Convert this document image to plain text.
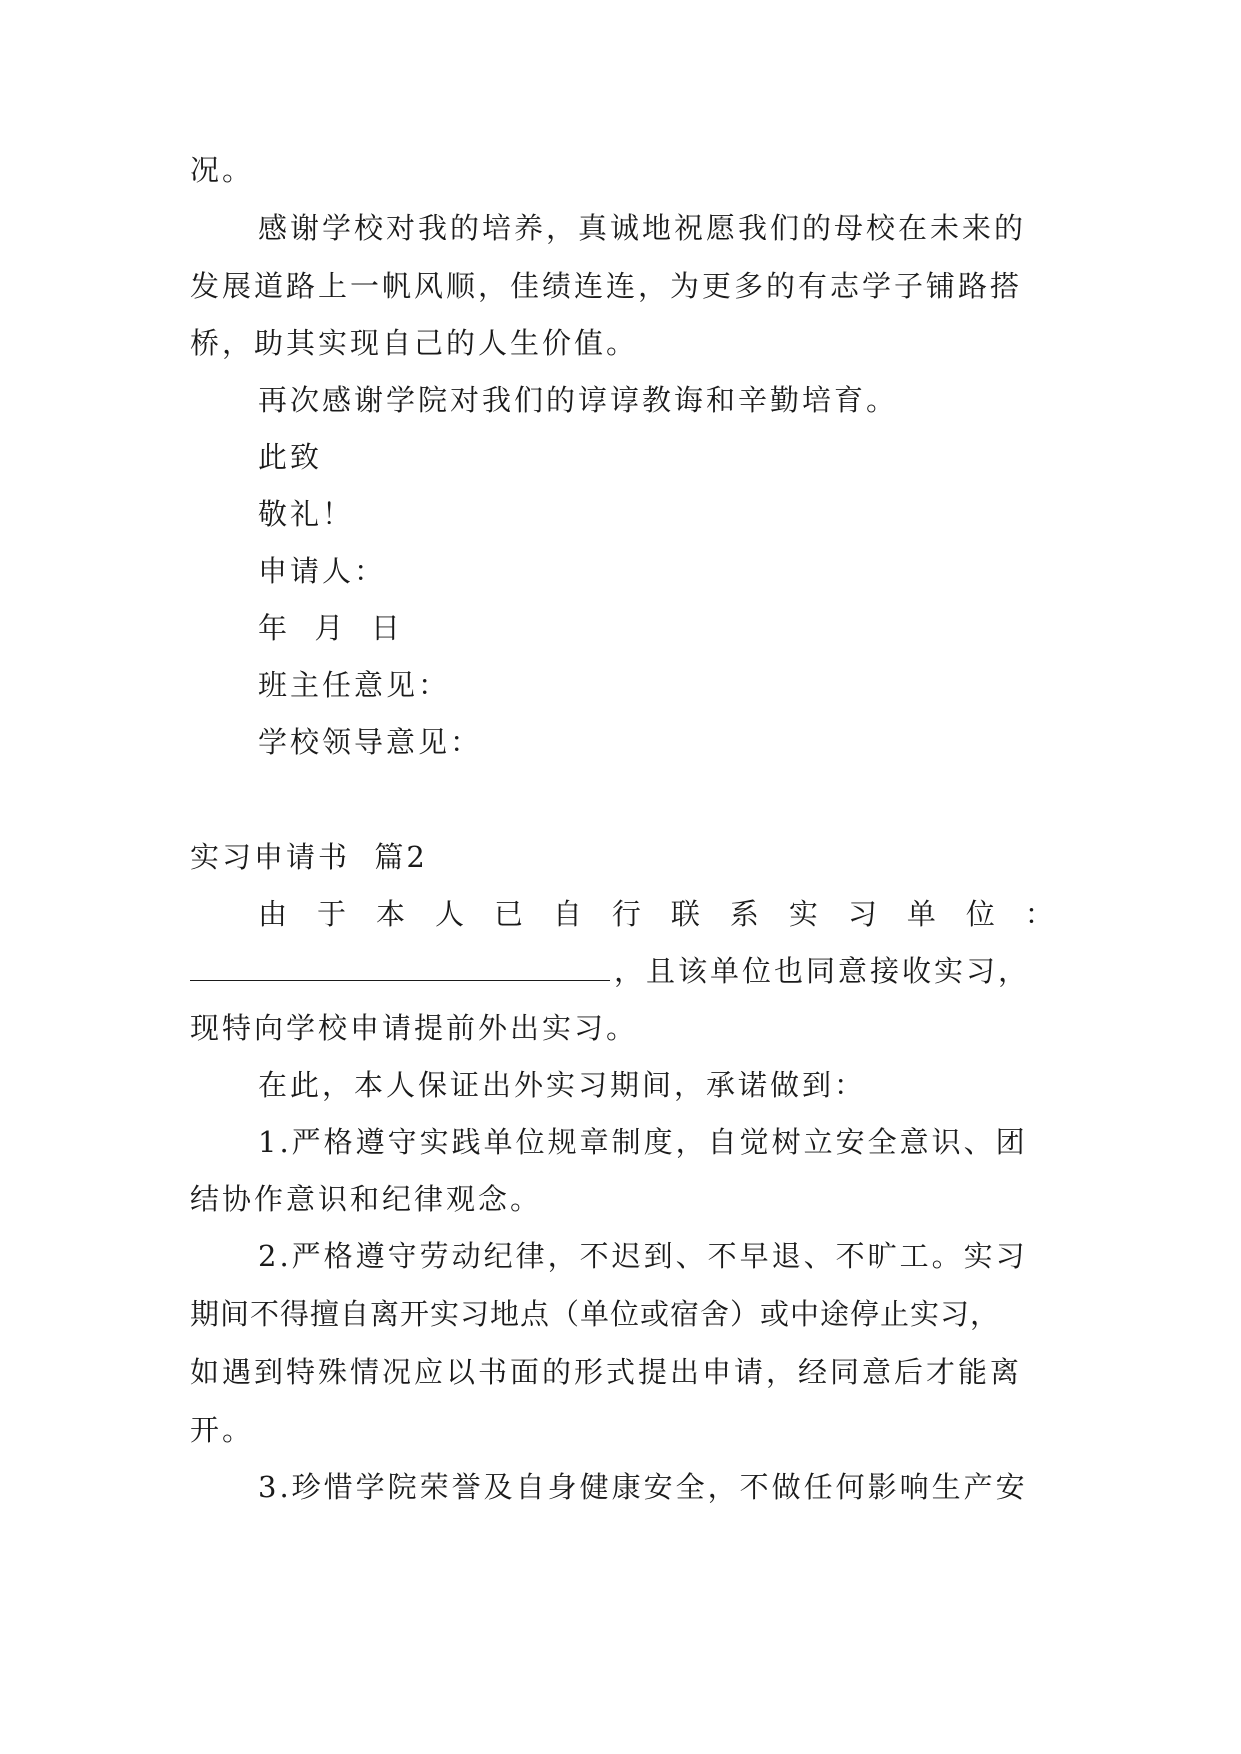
况。
感谢学校对我的培养，真诚地祝愿我们的母校在未来的
发展道路上一帆风顺，佳绩连连，为更多的有志学子铺路搭
桥，助其实现自己的人生价值。
再次感谢学院对我们的谆谆教诲和辛勤培育。
此致
敬礼！
申请人：
年  月  日
班主任意见：
学校领导意见：
实习申请书  篇2
由 于 本 人 已 自 行 联 系 实 习 单 位 ：
，且该单位也同意接收实习，
现特向学校申请提前外出实习。
在此，本人保证出外实习期间，承诺做到：
1.严格遵守实践单位规章制度，自觉树立安全意识、团
结协作意识和纪律观念。
2.严格遵守劳动纪律，不迟到、不早退、不旷工。实习
期间不得擅自离开实习地点（单位或宿舍）或中途停止实习，
如遇到特殊情况应以书面的形式提出申请，经同意后才能离
开。
3.珍惜学院荣誉及自身健康安全，不做任何影响生产安
